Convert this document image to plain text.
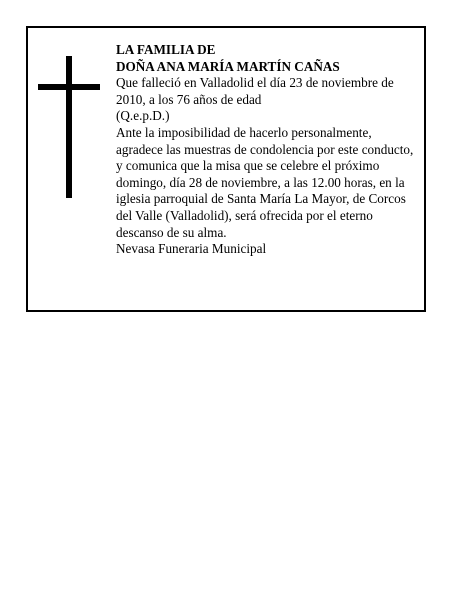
LA FAMILIA DE

DOÑA ANA MARÍA MARTÍN CAÑAS

Que falleció en Valladolid el día 23 de noviembre de 2010, a los 76 años de edad

(Q.e.p.D.)

Ante la imposibilidad de hacerlo personalmente, agradece las muestras de condolencia por este conducto, y comunica que la misa que se celebre el próximo domingo, día 28 de noviembre, a las 12.00 horas, en la iglesia parroquial de Santa María La Mayor, de Corcos del Valle (Valladolid), será ofrecida por el eterno descanso de su alma.

Nevasa Funeraria Municipal
